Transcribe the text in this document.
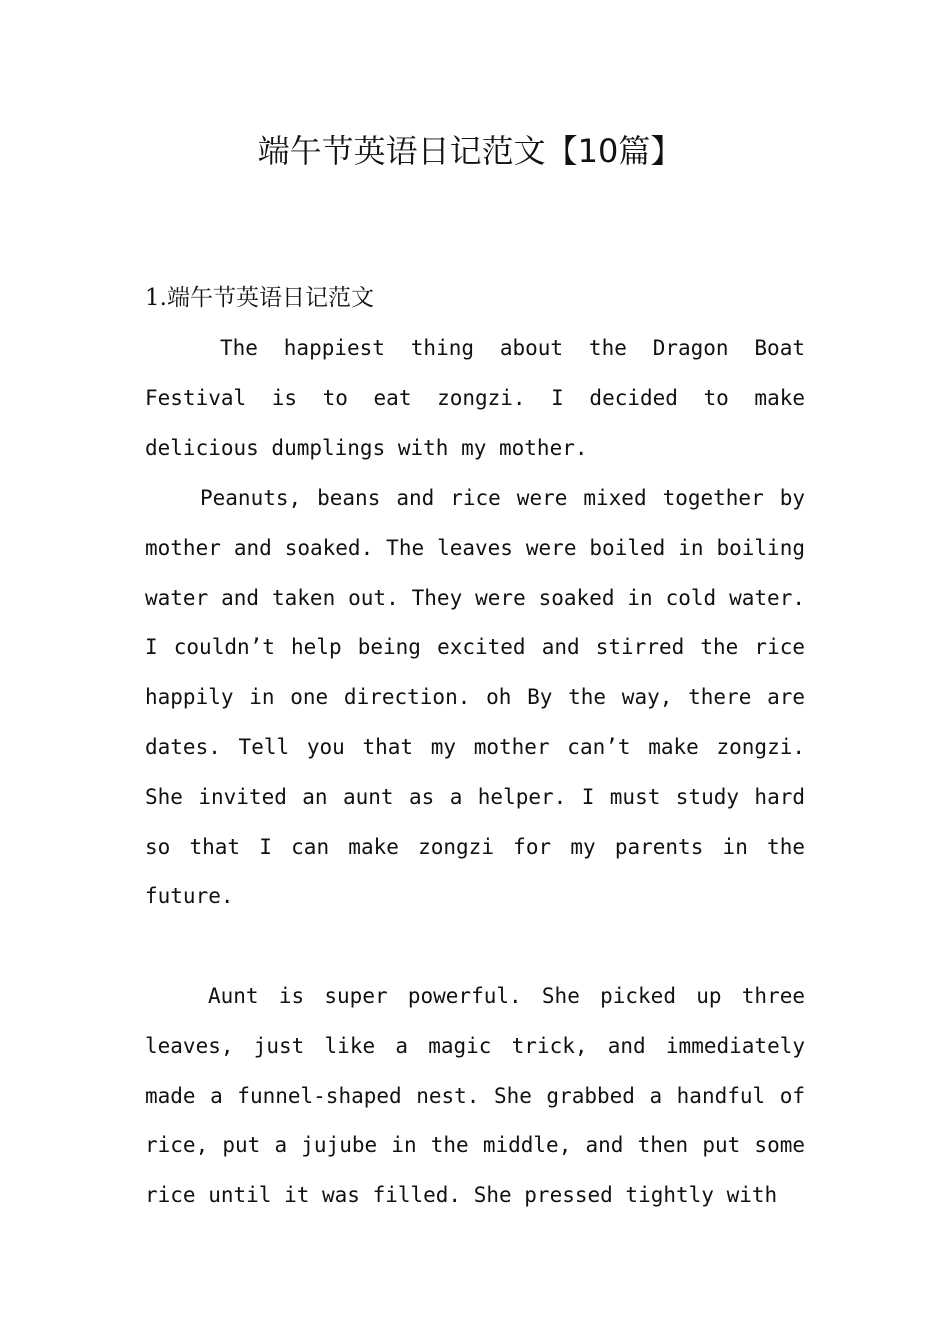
端午节英语日记范文【10篇】

1.端午节英语日记范文

The happiest thing about the Dragon Boat Festival is to eat zongzi. I decided to make delicious dumplings with my mother.

Peanuts, beans and rice were mixed together by mother and soaked. The leaves were boiled in boiling water and taken out. They were soaked in cold water. I couldn’t help being excited and stirred the rice happily in one direction. oh By the way, there are dates. Tell you that my mother can’t make zongzi. She invited an aunt as a helper. I must study hard so that I can make zongzi for my parents in the future.

Aunt is super powerful. She picked up three leaves, just like a magic trick, and immediately made a funnel-shaped nest. She grabbed a handful of rice, put a jujube in the middle, and then put some rice until it was filled. She pressed tightly with
